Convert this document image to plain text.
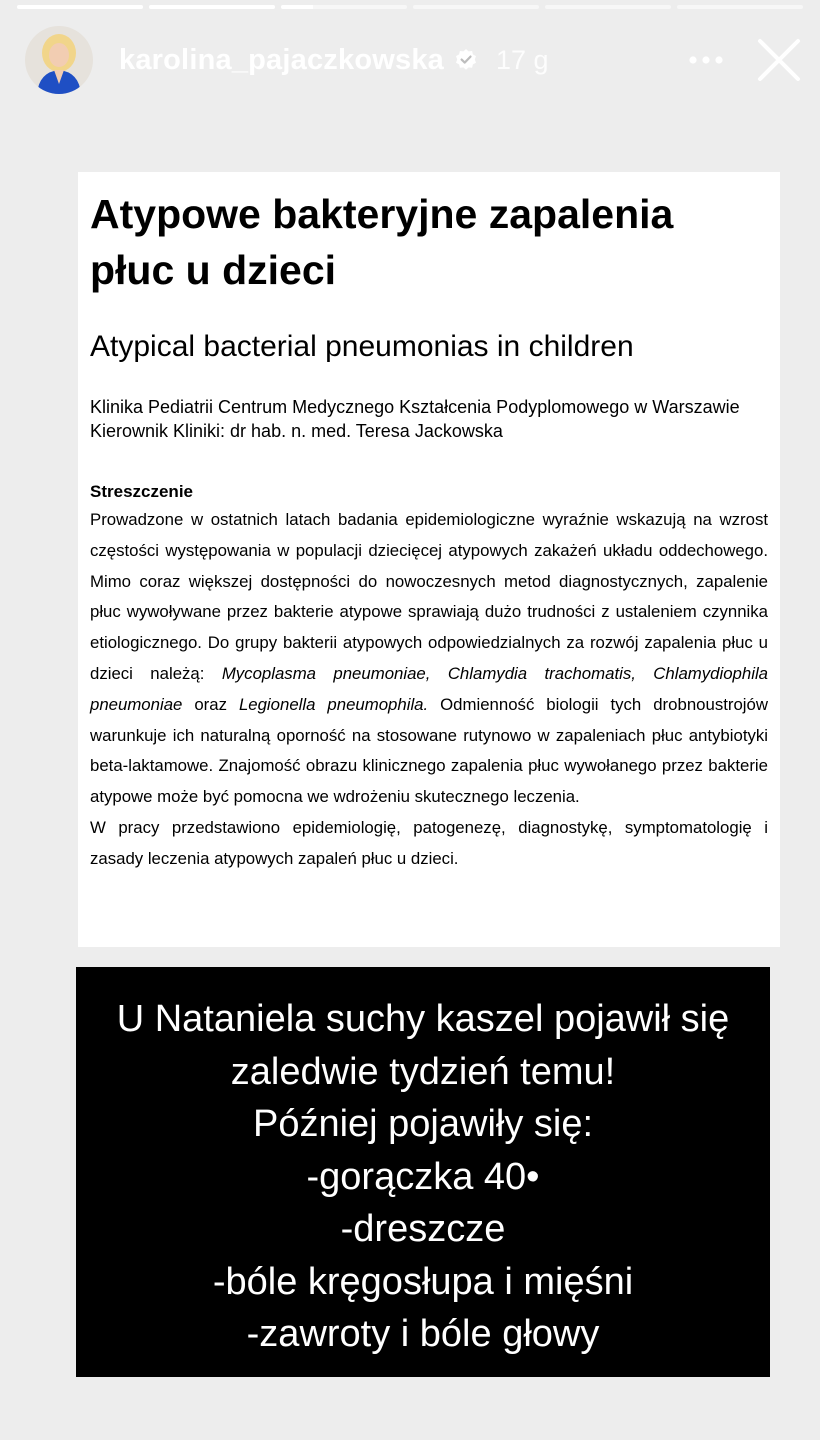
karolina_pajaczkowska 17 g
Atypowe bakteryjne zapalenia płuc u dzieci
Atypical bacterial pneumonias in children
Klinika Pediatrii Centrum Medycznego Kształcenia Podyplomowego w Warszawie
Kierownik Kliniki: dr hab. n. med. Teresa Jackowska
Streszczenie

Prowadzone w ostatnich latach badania epidemiologiczne wyraźnie wskazują na wzrost częstości występowania w populacji dziecięcej atypowych zakażeń układu oddechowego. Mimo coraz większej dostępności do nowoczesnych metod diagnostycznych, zapalenie płuc wywoływane przez bakterie atypowe sprawiają dużo trudności z ustaleniem czynnika etiologicznego. Do grupy bakterii atypowych odpowiedzialnych za rozwój zapalenia płuc u dzieci należą: Mycoplasma pneumoniae, Chlamydia trachomatis, Chlamydiophila pneumoniae oraz Legionella pneumophila. Odmienność biologii tych drobnoustrojów warunkuje ich naturalną oporność na stosowane rutynowo w zapaleniach płuc antybiotyki beta-laktamowe. Znajomość obrazu klinicznego zapalenia płuc wywołanego przez bakterie atypowe może być pomocna we wdrożeniu skutecznego leczenia.

W pracy przedstawiono epidemiologię, patogenezę, diagnostykę, symptomatologię i zasady leczenia atypowych zapaleń płuc u dzieci.

U Nataniela suchy kaszel pojawił się
zaledwie tydzień temu!
Później pojawiły się:
-gorączka 40•
-dreszcze
-bóle kręgosłupa i mięśni
-zawroty i bóle głowy
